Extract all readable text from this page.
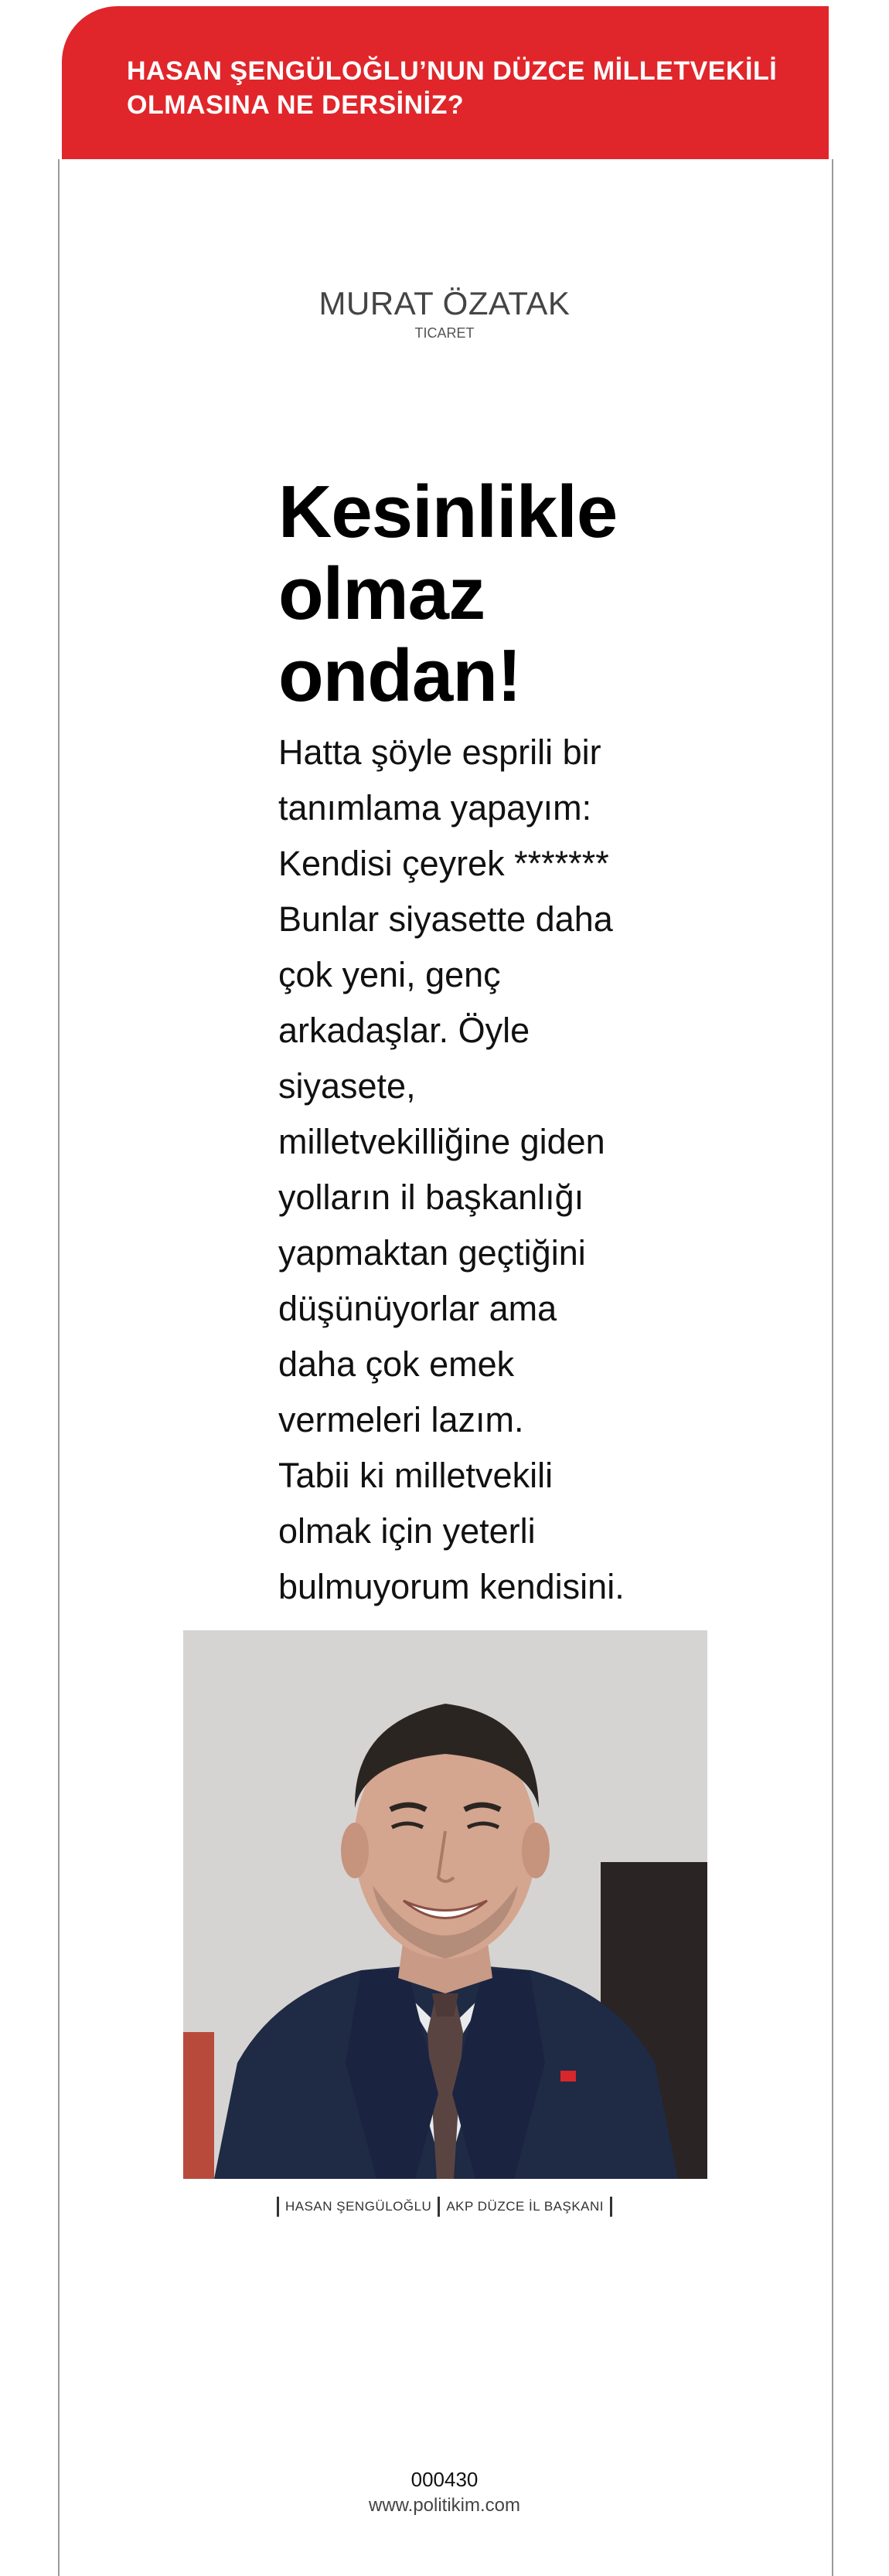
HASAN ŞENGÜLOĞLU’NUN DÜZCE MİLLETVEKİLİ
OLMASINA NE DERSİNİZ?
MURAT ÖZATAK
TICARET
Kesinlikle
olmaz
ondan!
Hatta şöyle esprili bir
tanımlama yapayım:
Kendisi çeyrek *******
Bunlar siyasette daha
çok yeni, genç
arkadaşlar. Öyle
siyasete,
milletvekilliğine giden
yolların il başkanlığı
yapmaktan geçtiğini
düşünüyorlar ama
daha çok emek
vermeleri lazım.
Tabii ki milletvekili
olmak için yeterli
bulmuyorum kendisini.
HASAN ŞENGÜLOĞLU AKP DÜZCE İL BAŞKANI
000430
www.politikim.com
